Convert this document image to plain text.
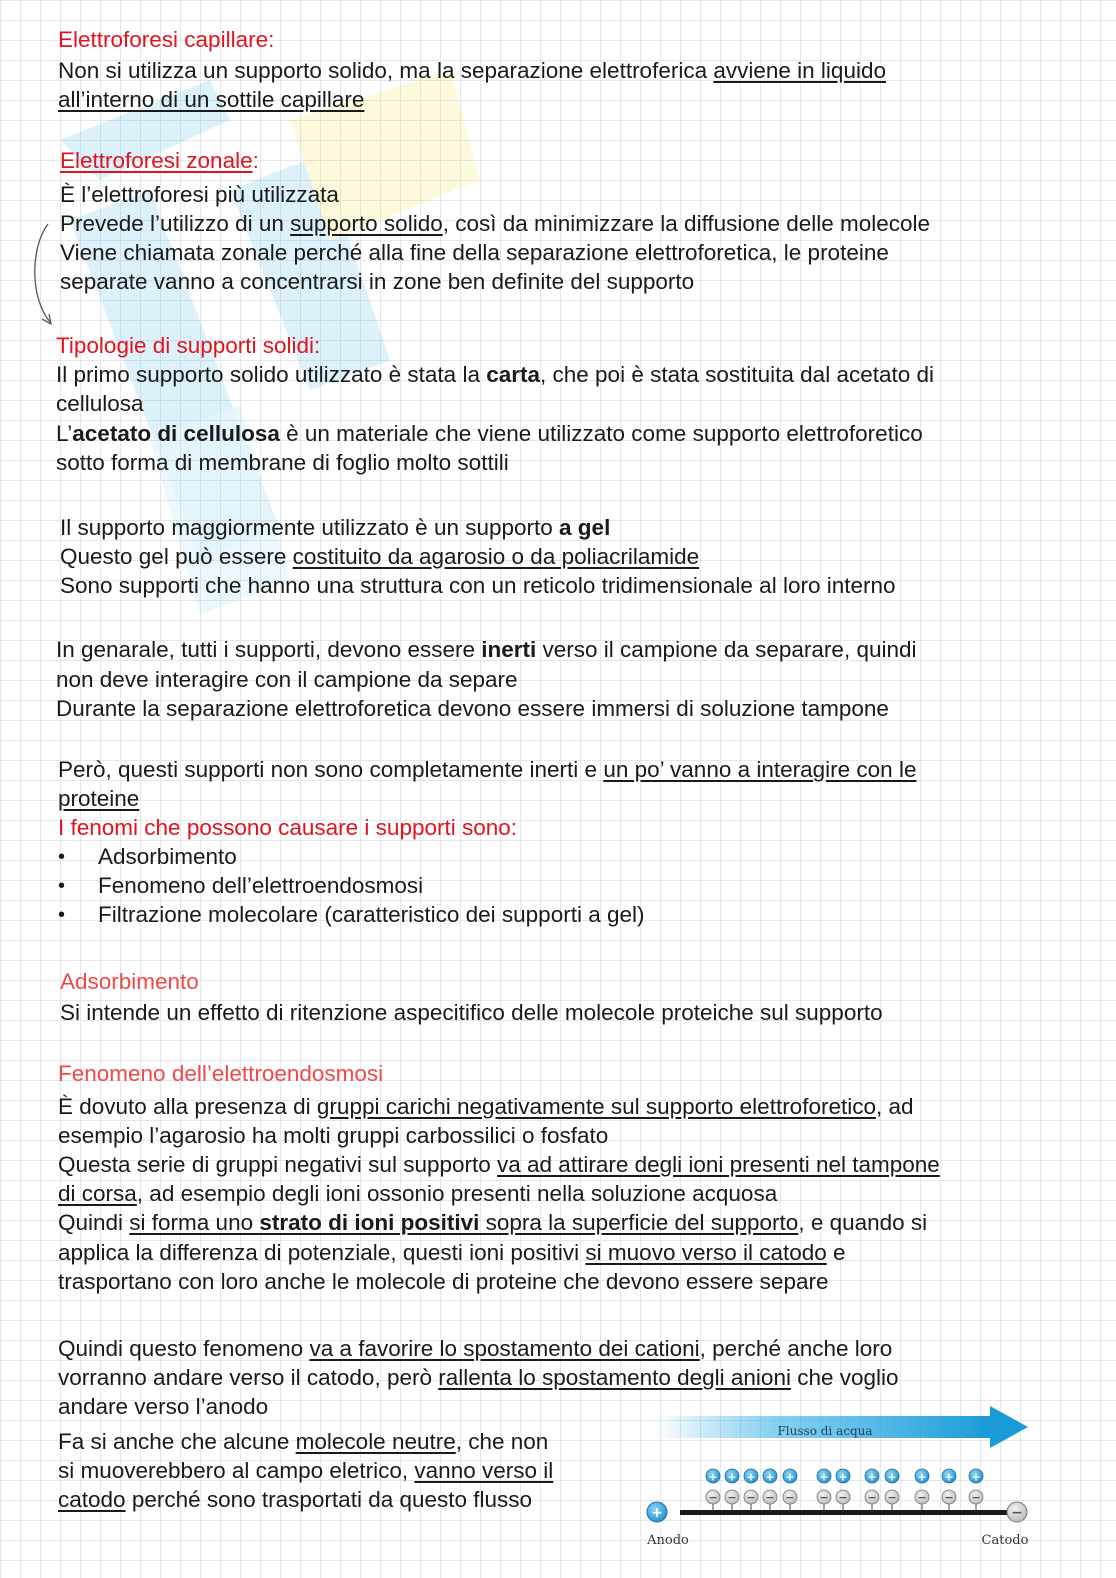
Elettroforesi capillare:
Non si utilizza un supporto solido, ma la separazione elettroferica avviene in liquido
all’interno di un sottile capillare
Elettroforesi zonale:
È l’elettroforesi più utilizzata
Prevede l’utilizzo di un supporto solido, così da minimizzare la diffusione delle molecole
Viene chiamata zonale perché alla fine della separazione elettroforetica, le proteine
separate vanno a concentrarsi in zone ben definite del supporto
Tipologie di supporti solidi:
Il primo supporto solido utilizzato è stata la carta, che poi è stata sostituita dal acetato di
cellulosa
L’acetato di cellulosa è un materiale che viene utilizzato come supporto elettroforetico
sotto forma di membrane di foglio molto sottili
Il supporto maggiormente utilizzato è un supporto a gel
Questo gel può essere costituito da agarosio o da poliacrilamide
Sono supporti che hanno una struttura con un reticolo tridimensionale al loro interno
In genarale, tutti i supporti, devono essere inerti verso il campione da separare, quindi
non deve interagire con il campione da separe
Durante la separazione elettroforetica devono essere immersi di soluzione tampone
Però, questi supporti non sono completamente inerti e un po’ vanno a interagire con le
proteine
I fenomi che possono causare i supporti sono:
• Adsorbimento
• Fenomeno dell’elettroendosmosi
• Filtrazione molecolare (caratteristico dei supporti a gel)
Adsorbimento
Si intende un effetto di ritenzione aspecitifico delle molecole proteiche sul supporto
Fenomeno dell’elettroendosmosi
È dovuto alla presenza di gruppi carichi negativamente sul supporto elettroforetico, ad
esempio l’agarosio ha molti gruppi carbossilici o fosfato
Questa serie di gruppi negativi sul supporto va ad attirare degli ioni presenti nel tampone
di corsa, ad esempio degli ioni ossonio presenti nella soluzione acquosa
Quindi si forma uno strato di ioni positivi sopra la superficie del supporto, e quando si
applica la differenza di potenziale, questi ioni positivi si muovo verso il catodo e
trasportano con loro anche le molecole di proteine che devono essere separe
Quindi questo fenomeno va a favorire lo spostamento dei cationi, perché anche loro
vorranno andare verso il catodo, però rallenta lo spostamento degli anioni che voglio
andare verso l’anodo
Fa si anche che alcune molecole neutre, che non
si muoverebbero al campo eletrico, vanno verso il
catodo perché sono trasportati da questo flusso
Flusso di acqua
+
−
+
−
+
−
+
−
+
−
+
−
+
−
+
−
+
−
+
−
+
−
+
−
+
Anodo
−
Catodo
